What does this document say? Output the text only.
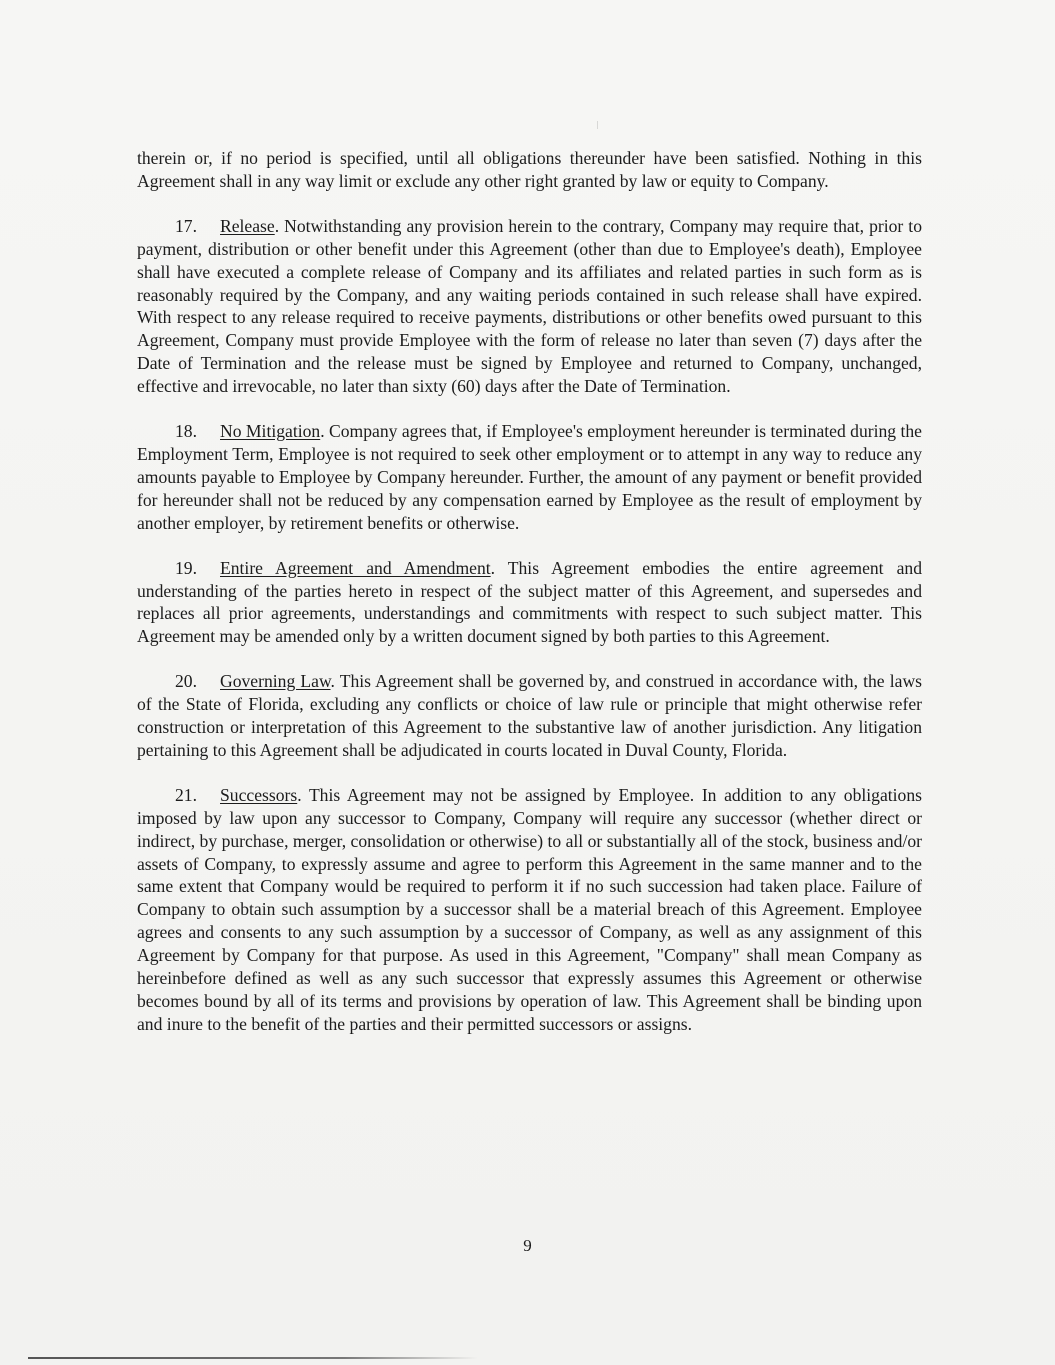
therein or, if no period is specified, until all obligations thereunder have been satisfied. Nothing in this Agreement shall in any way limit or exclude any other right granted by law or equity to Company.

17. Release. Notwithstanding any provision herein to the contrary, Company may require that, prior to payment, distribution or other benefit under this Agreement (other than due to Employee's death), Employee shall have executed a complete release of Company and its affiliates and related parties in such form as is reasonably required by the Company, and any waiting periods contained in such release shall have expired. With respect to any release required to receive payments, distributions or other benefits owed pursuant to this Agreement, Company must provide Employee with the form of release no later than seven (7) days after the Date of Termination and the release must be signed by Employee and returned to Company, unchanged, effective and irrevocable, no later than sixty (60) days after the Date of Termination.

18. No Mitigation. Company agrees that, if Employee's employment hereunder is terminated during the Employment Term, Employee is not required to seek other employment or to attempt in any way to reduce any amounts payable to Employee by Company hereunder. Further, the amount of any payment or benefit provided for hereunder shall not be reduced by any compensation earned by Employee as the result of employment by another employer, by retirement benefits or otherwise.

19. Entire Agreement and Amendment. This Agreement embodies the entire agreement and understanding of the parties hereto in respect of the subject matter of this Agreement, and supersedes and replaces all prior agreements, understandings and commitments with respect to such subject matter. This Agreement may be amended only by a written document signed by both parties to this Agreement.

20. Governing Law. This Agreement shall be governed by, and construed in accordance with, the laws of the State of Florida, excluding any conflicts or choice of law rule or principle that might otherwise refer construction or interpretation of this Agreement to the substantive law of another jurisdiction. Any litigation pertaining to this Agreement shall be adjudicated in courts located in Duval County, Florida.

21. Successors. This Agreement may not be assigned by Employee. In addition to any obligations imposed by law upon any successor to Company, Company will require any successor (whether direct or indirect, by purchase, merger, consolidation or otherwise) to all or substantially all of the stock, business and/or assets of Company, to expressly assume and agree to perform this Agreement in the same manner and to the same extent that Company would be required to perform it if no such succession had taken place. Failure of Company to obtain such assumption by a successor shall be a material breach of this Agreement. Employee agrees and consents to any such assumption by a successor of Company, as well as any assignment of this Agreement by Company for that purpose. As used in this Agreement, "Company" shall mean Company as hereinbefore defined as well as any such successor that expressly assumes this Agreement or otherwise becomes bound by all of its terms and provisions by operation of law. This Agreement shall be binding upon and inure to the benefit of the parties and their permitted successors or assigns.

9
